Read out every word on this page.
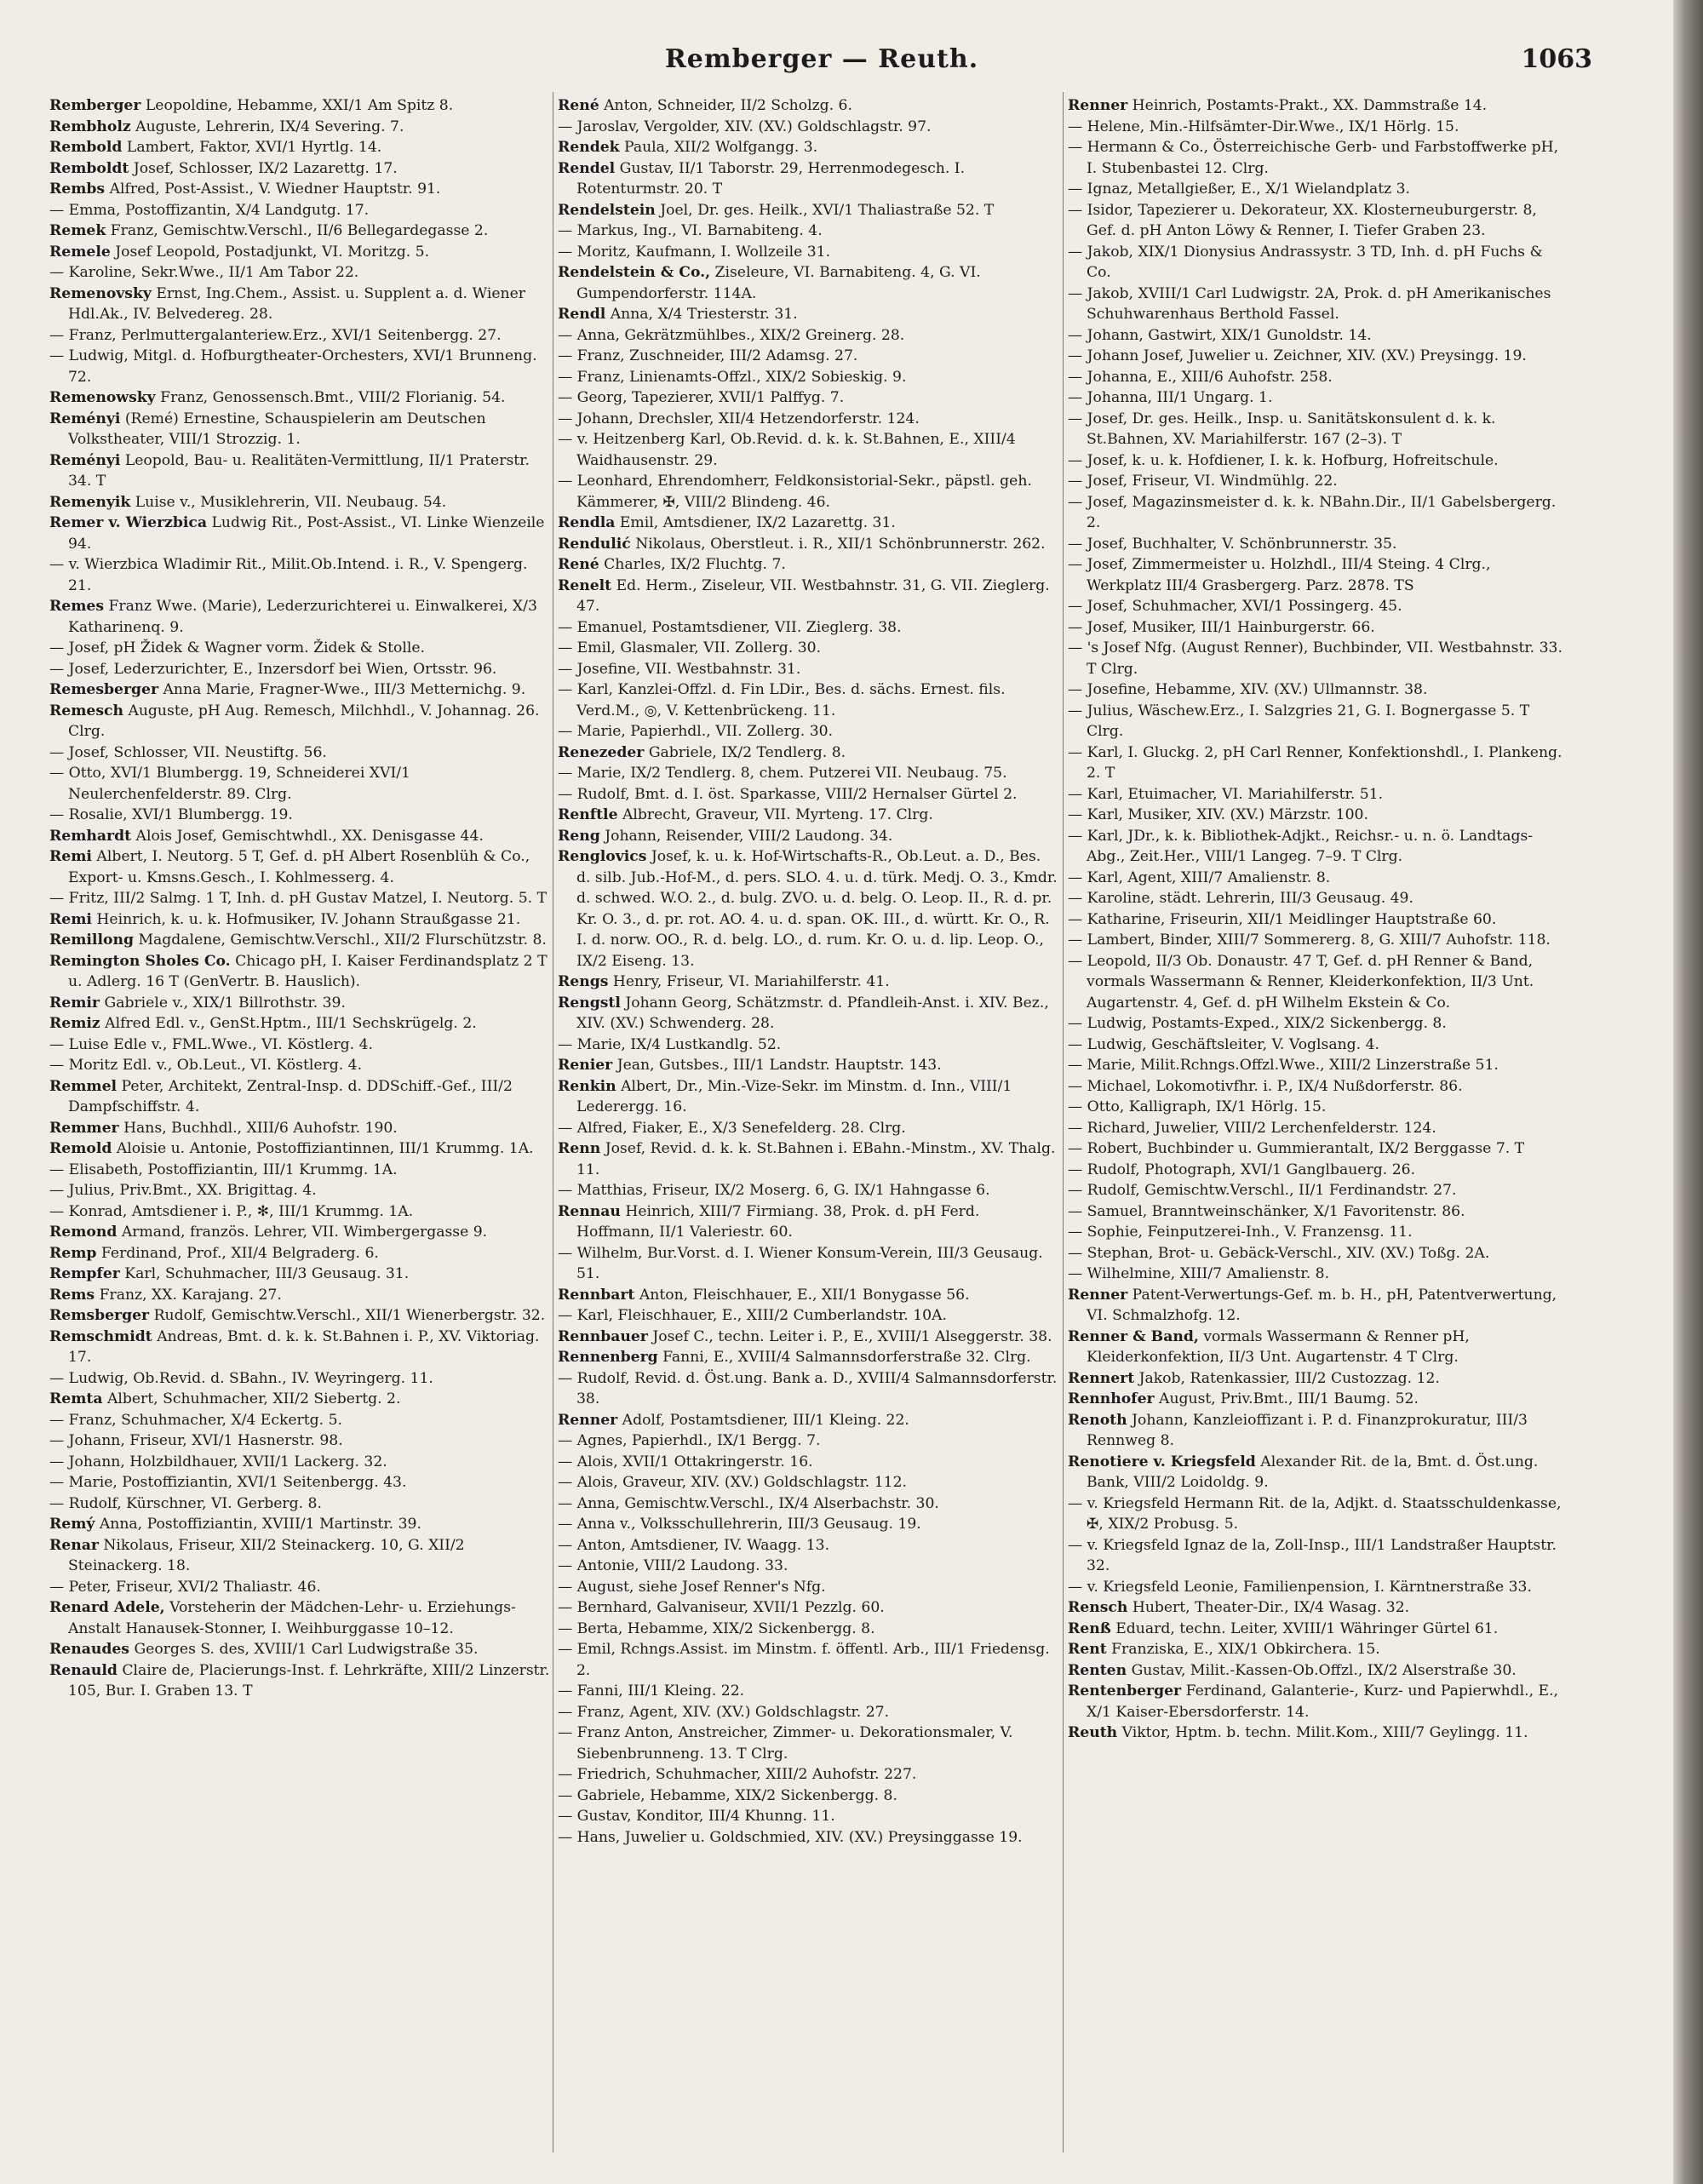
Remberger — Reuth.	1063

Remberger Leopoldine, Hebamme, XXI/1 Am Spitz 8.

Rembholz Auguste, Lehrerin, IX/4 Severing. 7.

Rembold Lambert, Faktor, XVI/1 Hyrtlg. 14.

Remboldt Josef, Schlosser, IX/2 Lazarettg. 17.

Rembs Alfred, Post-Assist., V. Wiedner Hauptstr. 91.

— Emma, Postoffizantin, X/4 Landgutg. 17.

Remek Franz, Gemischtw.Verschl., II/6 Bellegardegasse 2.

Remele Josef Leopold, Postadjunkt, VI. Moritzg. 5.

— Karoline, Sekr.Wwe., II/1 Am Tabor 22.

Remenovsky Ernst, Ing.Chem., Assist. u. Supplent a. d. Wiener Hdl.Ak., IV. Belvedereg. 28.

— Franz, Perlmuttergalanteriew.Erz., XVI/1 Seitenbergg. 27.

— Ludwig, Mitgl. d. Hofburgtheater-Orchesters, XVI/1 Brunneng. 72.

Remenowsky Franz, Genossensch.Bmt., VIII/2 Florianig. 54.

Reményi (Remé) Ernestine, Schauspielerin am Deutschen Volkstheater, VIII/1 Strozzig. 1.

Reményi Leopold, Bau- u. Realitäten-Vermittlung, II/1 Praterstr. 34. T

Remenyik Luise v., Musiklehrerin, VII. Neubaug. 54.

Remer v. Wierzbica Ludwig Rit., Post-Assist., VI. Linke Wienzeile 94.

— v. Wierzbica Wladimir Rit., Milit.Ob.Intend. i. R., V. Spengerg. 21.

Remes Franz Wwe. (Marie), Lederzurichterei u. Einwalkerei, X/3 Katharinenq. 9.

— Josef, pH Židek & Wagner vorm. Židek & Stolle.

— Josef, Lederzurichter, E., Inzersdorf bei Wien, Ortsstr. 96.

Remesberger Anna Marie, Fragner-Wwe., III/3 Metternichg. 9.

Remesch Auguste, pH Aug. Remesch, Milchhdl., V. Johannag. 26. Clrg.

— Josef, Schlosser, VII. Neustiftg. 56.

— Otto, XVI/1 Blumbergg. 19, Schneiderei XVI/1 Neulerchenfelderstr. 89. Clrg.

— Rosalie, XVI/1 Blumbergg. 19.

Remhardt Alois Josef, Gemischtwhdl., XX. Denisgasse 44.

Remi Albert, I. Neutorg. 5 T, Gef. d. pH Albert Rosenblüh & Co., Export- u. Kmsns.Gesch., I. Kohlmesserg. 4.

— Fritz, III/2 Salmg. 1 T, Inh. d. pH Gustav Matzel, I. Neutorg. 5. T

Remi Heinrich, k. u. k. Hofmusiker, IV. Johann Straußgasse 21.

Remillong Magdalene, Gemischtw.Verschl., XII/2 Flurschützstr. 8.

Remington Sholes Co. Chicago pH, I. Kaiser Ferdinandsplatz 2 T u. Adlerg. 16 T (GenVertr. B. Hauslich).

Remir Gabriele v., XIX/1 Billrothstr. 39.

Remiz Alfred Edl. v., GenSt.Hptm., III/1 Sechskrügelg. 2.

— Luise Edle v., FML.Wwe., VI. Köstlerg. 4.

— Moritz Edl. v., Ob.Leut., VI. Köstlerg. 4.

Remmel Peter, Architekt, Zentral-Insp. d. DDSchiff.-Gef., III/2 Dampfschiffstr. 4.

Remmer Hans, Buchhdl., XIII/6 Auhofstr. 190.

Remold Aloisie u. Antonie, Postoffiziantinnen, III/1 Krummg. 1A.

— Elisabeth, Postoffiziantin, III/1 Krummg. 1A.

— Julius, Priv.Bmt., XX. Brigittag. 4.

— Konrad, Amtsdiener i. P., ✻, III/1 Krummg. 1A.

Remond Armand, französ. Lehrer, VII. Wimbergergasse 9.

Remp Ferdinand, Prof., XII/4 Belgraderg. 6.

Rempfer Karl, Schuhmacher, III/3 Geusaug. 31.

Rems Franz, XX. Karajang. 27.

Remsberger Rudolf, Gemischtw.Verschl., XII/1 Wienerbergstr. 32.

Remschmidt Andreas, Bmt. d. k. k. St.Bahnen i. P., XV. Viktoriag. 17.

— Ludwig, Ob.Revid. d. SBahn., IV. Weyringerg. 11.

Remta Albert, Schuhmacher, XII/2 Siebertg. 2.

— Franz, Schuhmacher, X/4 Eckertg. 5.

— Johann, Friseur, XVI/1 Hasnerstr. 98.

— Johann, Holzbildhauer, XVII/1 Lackerg. 32.

— Marie, Postoffiziantin, XVI/1 Seitenbergg. 43.

— Rudolf, Kürschner, VI. Gerberg. 8.

Remý Anna, Postoffiziantin, XVIII/1 Martinstr. 39.

Renar Nikolaus, Friseur, XII/2 Steinackerg. 10, G. XII/2 Steinackerg. 18.

— Peter, Friseur, XVI/2 Thaliastr. 46.

Renard Adele, Vorsteherin der Mädchen-Lehr- u. Erziehungs-Anstalt Hanausek-Stonner, I. Weihburggasse 10–12.

Renaudes Georges S. des, XVIII/1 Carl Ludwigstraße 35.

Renauld Claire de, Placierungs-Inst. f. Lehrkräfte, XIII/2 Linzerstr. 105, Bur. I. Graben 13. T

René Anton, Schneider, II/2 Scholzg. 6.

— Jaroslav, Vergolder, XIV. (XV.) Goldschlagstr. 97.

Rendek Paula, XII/2 Wolfgangg. 3.

Rendel Gustav, II/1 Taborstr. 29, Herrenmodegesch. I. Rotenturmstr. 20. T

Rendelstein Joel, Dr. ges. Heilk., XVI/1 Thaliastraße 52. T

— Markus, Ing., VI. Barnabiteng. 4.

— Moritz, Kaufmann, I. Wollzeile 31.

Rendelstein & Co., Ziseleure, VI. Barnabiteng. 4, G. VI. Gumpendorferstr. 114A.

Rendl Anna, X/4 Triesterstr. 31.

— Anna, Gekrätzmühlbes., XIX/2 Greinerg. 28.

— Franz, Zuschneider, III/2 Adamsg. 27.

— Franz, Linienamts-Offzl., XIX/2 Sobieskig. 9.

— Georg, Tapezierer, XVII/1 Palffyg. 7.

— Johann, Drechsler, XII/4 Hetzendorferstr. 124.

— v. Heitzenberg Karl, Ob.Revid. d. k. k. St.Bahnen, E., XIII/4 Waidhausenstr. 29.

— Leonhard, Ehrendomherr, Feldkonsistorial-Sekr., päpstl. geh. Kämmerer, ✠, VIII/2 Blindeng. 46.

Rendla Emil, Amtsdiener, IX/2 Lazarettg. 31.

Rendulić Nikolaus, Oberstleut. i. R., XII/1 Schönbrunnerstr. 262.

René Charles, IX/2 Fluchtg. 7.

Renelt Ed. Herm., Ziseleur, VII. Westbahnstr. 31, G. VII. Zieglerg. 47.

— Emanuel, Postamtsdiener, VII. Zieglerg. 38.

— Emil, Glasmaler, VII. Zollerg. 30.

— Josefine, VII. Westbahnstr. 31.

— Karl, Kanzlei-Offzl. d. Fin LDir., Bes. d. sächs. Ernest. fils. Verd.M., ◎, V. Kettenbrückeng. 11.

— Marie, Papierhdl., VII. Zollerg. 30.

Renezeder Gabriele, IX/2 Tendlerg. 8.

— Marie, IX/2 Tendlerg. 8, chem. Putzerei VII. Neubaug. 75.

— Rudolf, Bmt. d. I. öst. Sparkasse, VIII/2 Hernalser Gürtel 2.

Renftle Albrecht, Graveur, VII. Myrteng. 17. Clrg.

Reng Johann, Reisender, VIII/2 Laudong. 34.

Renglovics Josef, k. u. k. Hof-Wirtschafts-R., Ob.Leut. a. D., Bes. d. silb. Jub.-Hof-M., d. pers. SLO. 4. u. d. türk. Medj. O. 3., Kmdr. d. schwed. W.O. 2., d. bulg. ZVO. u. d. belg. O. Leop. II., R. d. pr. Kr. O. 3., d. pr. rot. AO. 4. u. d. span. OK. III., d. württ. Kr. O., R. I. d. norw. OO., R. d. belg. LO., d. rum. Kr. O. u. d. lip. Leop. O., IX/2 Eiseng. 13.

Rengs Henry, Friseur, VI. Mariahilferstr. 41.

Rengstl Johann Georg, Schätzmstr. d. Pfandleih-Anst. i. XIV. Bez., XIV. (XV.) Schwenderg. 28.

— Marie, IX/4 Lustkandlg. 52.

Renier Jean, Gutsbes., III/1 Landstr. Hauptstr. 143.

Renkin Albert, Dr., Min.-Vize-Sekr. im Minstm. d. Inn., VIII/1 Lederergg. 16.

— Alfred, Fiaker, E., X/3 Senefelderg. 28. Clrg.

Renn Josef, Revid. d. k. k. St.Bahnen i. EBahn.-Minstm., XV. Thalg. 11.

— Matthias, Friseur, IX/2 Moserg. 6, G. IX/1 Hahngasse 6.

Rennau Heinrich, XIII/7 Firmiang. 38, Prok. d. pH Ferd. Hoffmann, II/1 Valeriestr. 60.

— Wilhelm, Bur.Vorst. d. I. Wiener Konsum-Verein, III/3 Geusaug. 51.

Rennbart Anton, Fleischhauer, E., XII/1 Bonygasse 56.

— Karl, Fleischhauer, E., XIII/2 Cumberlandstr. 10A.

Rennbauer Josef C., techn. Leiter i. P., E., XVIII/1 Alseggerstr. 38.

Rennenberg Fanni, E., XVIII/4 Salmannsdorferstraße 32. Clrg.

— Rudolf, Revid. d. Öst.ung. Bank a. D., XVIII/4 Salmannsdorferstr. 38.

Renner Adolf, Postamtsdiener, III/1 Kleing. 22.

— Agnes, Papierhdl., IX/1 Bergg. 7.

— Alois, XVII/1 Ottakringerstr. 16.

— Alois, Graveur, XIV. (XV.) Goldschlagstr. 112.

— Anna, Gemischtw.Verschl., IX/4 Alserbachstr. 30.

— Anna v., Volksschullehrerin, III/3 Geusaug. 19.

— Anton, Amtsdiener, IV. Waagg. 13.

— Antonie, VIII/2 Laudong. 33.

— August, siehe Josef Renner's Nfg.

— Bernhard, Galvaniseur, XVII/1 Pezzlg. 60.

— Berta, Hebamme, XIX/2 Sickenbergg. 8.

— Emil, Rchngs.Assist. im Minstm. f. öffentl. Arb., III/1 Friedensg. 2.

— Fanni, III/1 Kleing. 22.

— Franz, Agent, XIV. (XV.) Goldschlagstr. 27.

— Franz Anton, Anstreicher, Zimmer- u. Dekorationsmaler, V. Siebenbrunneng. 13. T Clrg.

— Friedrich, Schuhmacher, XIII/2 Auhofstr. 227.

— Gabriele, Hebamme, XIX/2 Sickenbergg. 8.

— Gustav, Konditor, III/4 Khunng. 11.

— Hans, Juwelier u. Goldschmied, XIV. (XV.) Preysinggasse 19.

Renner Heinrich, Postamts-Prakt., XX. Dammstraße 14.

— Helene, Min.-Hilfsämter-Dir.Wwe., IX/1 Hörlg. 15.

— Hermann & Co., Österreichische Gerb- und Farbstoffwerke pH, I. Stubenbastei 12. Clrg.

— Ignaz, Metallgießer, E., X/1 Wielandplatz 3.

— Isidor, Tapezierer u. Dekorateur, XX. Klosterneuburgerstr. 8, Gef. d. pH Anton Löwy & Renner, I. Tiefer Graben 23.

— Jakob, XIX/1 Dionysius Andrassystr. 3 TD, Inh. d. pH Fuchs & Co.

— Jakob, XVIII/1 Carl Ludwigstr. 2A, Prok. d. pH Amerikanisches Schuhwarenhaus Berthold Fassel.

— Johann, Gastwirt, XIX/1 Gunoldstr. 14.

— Johann Josef, Juwelier u. Zeichner, XIV. (XV.) Preysingg. 19.

— Johanna, E., XIII/6 Auhofstr. 258.

— Johanna, III/1 Ungarg. 1.

— Josef, Dr. ges. Heilk., Insp. u. Sanitätskonsulent d. k. k. St.Bahnen, XV. Mariahilferstr. 167 (2–3). T

— Josef, k. u. k. Hofdiener, I. k. k. Hofburg, Hofreitschule.

— Josef, Friseur, VI. Windmühlg. 22.

— Josef, Magazinsmeister d. k. k. NBahn.Dir., II/1 Gabelsbergerg. 2.

— Josef, Buchhalter, V. Schönbrunnerstr. 35.

— Josef, Zimmermeister u. Holzhdl., III/4 Steing. 4 Clrg., Werkplatz III/4 Grasbergerg. Parz. 2878. TS

— Josef, Schuhmacher, XVI/1 Possingerg. 45.

— Josef, Musiker, III/1 Hainburgerstr. 66.

— 's Josef Nfg. (August Renner), Buchbinder, VII. Westbahnstr. 33. T Clrg.

— Josefine, Hebamme, XIV. (XV.) Ullmannstr. 38.

— Julius, Wäschew.Erz., I. Salzgries 21, G. I. Bognergasse 5. T Clrg.

— Karl, I. Gluckg. 2, pH Carl Renner, Konfektionshdl., I. Plankeng. 2. T

— Karl, Etuimacher, VI. Mariahilferstr. 51.

— Karl, Musiker, XIV. (XV.) Märzstr. 100.

— Karl, JDr., k. k. Bibliothek-Adjkt., Reichsr.- u. n. ö. Landtags-Abg., Zeit.Her., VIII/1 Langeg. 7–9. T Clrg.

— Karl, Agent, XIII/7 Amalienstr. 8.

— Karoline, städt. Lehrerin, III/3 Geusaug. 49.

— Katharine, Friseurin, XII/1 Meidlinger Hauptstraße 60.

— Lambert, Binder, XIII/7 Sommererg. 8, G. XIII/7 Auhofstr. 118.

— Leopold, II/3 Ob. Donaustr. 47 T, Gef. d. pH Renner & Band, vormals Wassermann & Renner, Kleiderkonfektion, II/3 Unt. Augartenstr. 4, Gef. d. pH Wilhelm Ekstein & Co.

— Ludwig, Postamts-Exped., XIX/2 Sickenbergg. 8.

— Ludwig, Geschäftsleiter, V. Voglsang. 4.

— Marie, Milit.Rchngs.Offzl.Wwe., XIII/2 Linzerstraße 51.

— Michael, Lokomotivfhr. i. P., IX/4 Nußdorferstr. 86.

— Otto, Kalligraph, IX/1 Hörlg. 15.

— Richard, Juwelier, VIII/2 Lerchenfelderstr. 124.

— Robert, Buchbinder u. Gummierantalt, IX/2 Berggasse 7. T

— Rudolf, Photograph, XVI/1 Ganglbauerg. 26.

— Rudolf, Gemischtw.Verschl., II/1 Ferdinandstr. 27.

— Samuel, Branntweinschänker, X/1 Favoritenstr. 86.

— Sophie, Feinputzerei-Inh., V. Franzensg. 11.

— Stephan, Brot- u. Gebäck-Verschl., XIV. (XV.) Toßg. 2A.

— Wilhelmine, XIII/7 Amalienstr. 8.

Renner Patent-Verwertungs-Gef. m. b. H., pH, Patentverwertung, VI. Schmalzhofg. 12.

Renner & Band, vormals Wassermann & Renner pH, Kleiderkonfektion, II/3 Unt. Augartenstr. 4 T Clrg.

Rennert Jakob, Ratenkassier, III/2 Custozzag. 12.

Rennhofer August, Priv.Bmt., III/1 Baumg. 52.

Renoth Johann, Kanzleioffizant i. P. d. Finanzprokuratur, III/3 Rennweg 8.

Renotiere v. Kriegsfeld Alexander Rit. de la, Bmt. d. Öst.ung. Bank, VIII/2 Loidoldg. 9.

— v. Kriegsfeld Hermann Rit. de la, Adjkt. d. Staatsschuldenkasse, ✠, XIX/2 Probusg. 5.

— v. Kriegsfeld Ignaz de la, Zoll-Insp., III/1 Landstraßer Hauptstr. 32.

— v. Kriegsfeld Leonie, Familienpension, I. Kärntnerstraße 33.

Rensch Hubert, Theater-Dir., IX/4 Wasag. 32.

Renß Eduard, techn. Leiter, XVIII/1 Währinger Gürtel 61.

Rent Franziska, E., XIX/1 Obkirchera. 15.

Renten Gustav, Milit.-Kassen-Ob.Offzl., IX/2 Alserstraße 30.

Rentenberger Ferdinand, Galanterie-, Kurz- und Papierwhdl., E., X/1 Kaiser-Ebersdorferstr. 14.

Reuth Viktor, Hptm. b. techn. Milit.Kom., XIII/7 Geylingg. 11.
